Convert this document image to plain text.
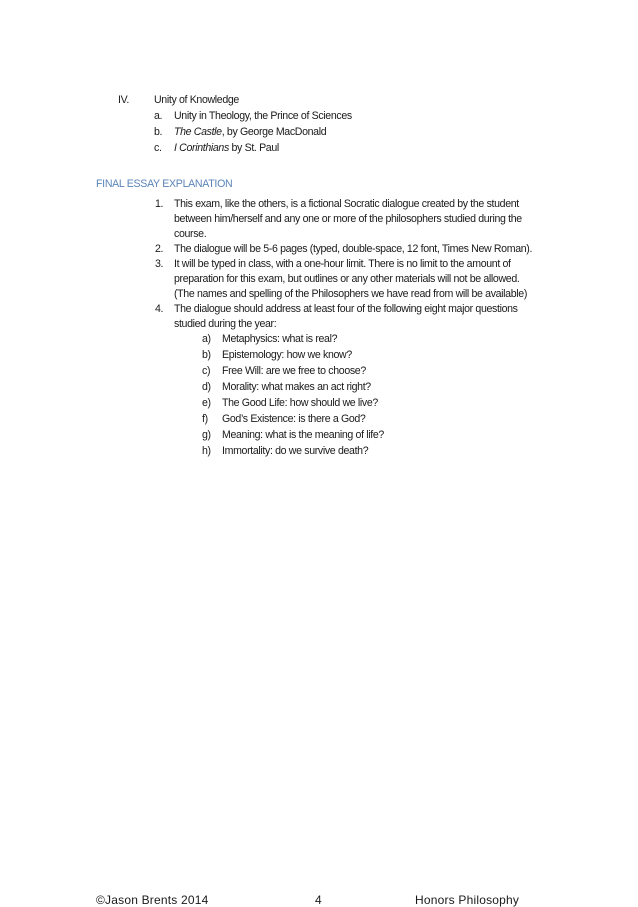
IV. Unity of Knowledge
a. Unity in Theology, the Prince of Sciences
b. The Castle, by George MacDonald
c. I Corinthians by St. Paul
FINAL ESSAY EXPLANATION
1. This exam, like the others, is a fictional Socratic dialogue created by the student
between him/herself and any one or more of the philosophers studied during the
course.
2. The dialogue will be 5-6 pages (typed, double-space, 12 font, Times New Roman).
3. It will be typed in class, with a one-hour limit. There is no limit to the amount of
preparation for this exam, but outlines or any other materials will not be allowed.
(The names and spelling of the Philosophers we have read from will be available)
4. The dialogue should address at least four of the following eight major questions
studied during the year:
a) Metaphysics: what is real?
b) Epistemology: how we know?
c) Free Will: are we free to choose?
d) Morality: what makes an act right?
e) The Good Life: how should we live?
f) God’s Existence: is there a God?
g) Meaning: what is the meaning of life?
h) Immortality: do we survive death?
©Jason Brents 2014	4	Honors Philosophy
